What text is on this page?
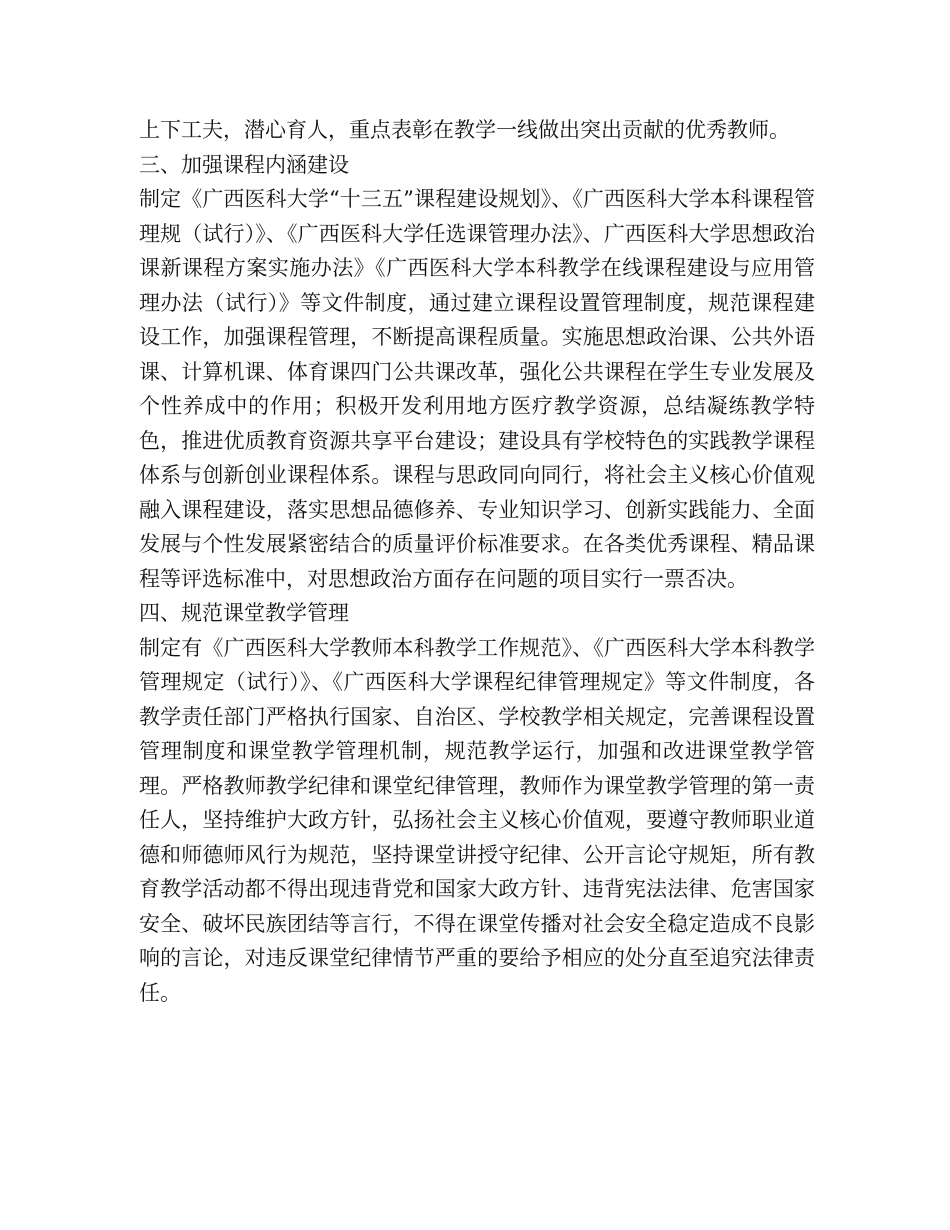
上下工夫，潜心育人，重点表彰在教学一线做出突出贡献的优秀教师。

三、加强课程内涵建设

制定《广西医科大学“十三五”课程建设规划》、《广西医科大学本科课程管理规（试行）》、《广西医科大学任选课管理办法》、广西医科大学思想政治课新课程方案实施办法》《广西医科大学本科教学在线课程建设与应用管理办法（试行）》等文件制度，通过建立课程设置管理制度，规范课程建设工作，加强课程管理，不断提高课程质量。实施思想政治课、公共外语课、计算机课、体育课四门公共课改革，强化公共课程在学生专业发展及个性养成中的作用；积极开发利用地方医疗教学资源，总结凝练教学特色，推进优质教育资源共享平台建设；建设具有学校特色的实践教学课程体系与创新创业课程体系。课程与思政同向同行，将社会主义核心价值观融入课程建设，落实思想品德修养、专业知识学习、创新实践能力、全面发展与个性发展紧密结合的质量评价标准要求。在各类优秀课程、精品课程等评选标准中，对思想政治方面存在问题的项目实行一票否决。

四、规范课堂教学管理

制定有《广西医科大学教师本科教学工作规范》、《广西医科大学本科教学管理规定（试行）》、《广西医科大学课程纪律管理规定》等文件制度，各教学责任部门严格执行国家、自治区、学校教学相关规定，完善课程设置管理制度和课堂教学管理机制，规范教学运行，加强和改进课堂教学管理。严格教师教学纪律和课堂纪律管理，教师作为课堂教学管理的第一责任人，坚持维护大政方针，弘扬社会主义核心价值观，要遵守教师职业道德和师德师风行为规范，坚持课堂讲授守纪律、公开言论守规矩，所有教育教学活动都不得出现违背党和国家大政方针、违背宪法法律、危害国家安全、破坏民族团结等言行，不得在课堂传播对社会安全稳定造成不良影响的言论，对违反课堂纪律情节严重的要给予相应的处分直至追究法律责任。
